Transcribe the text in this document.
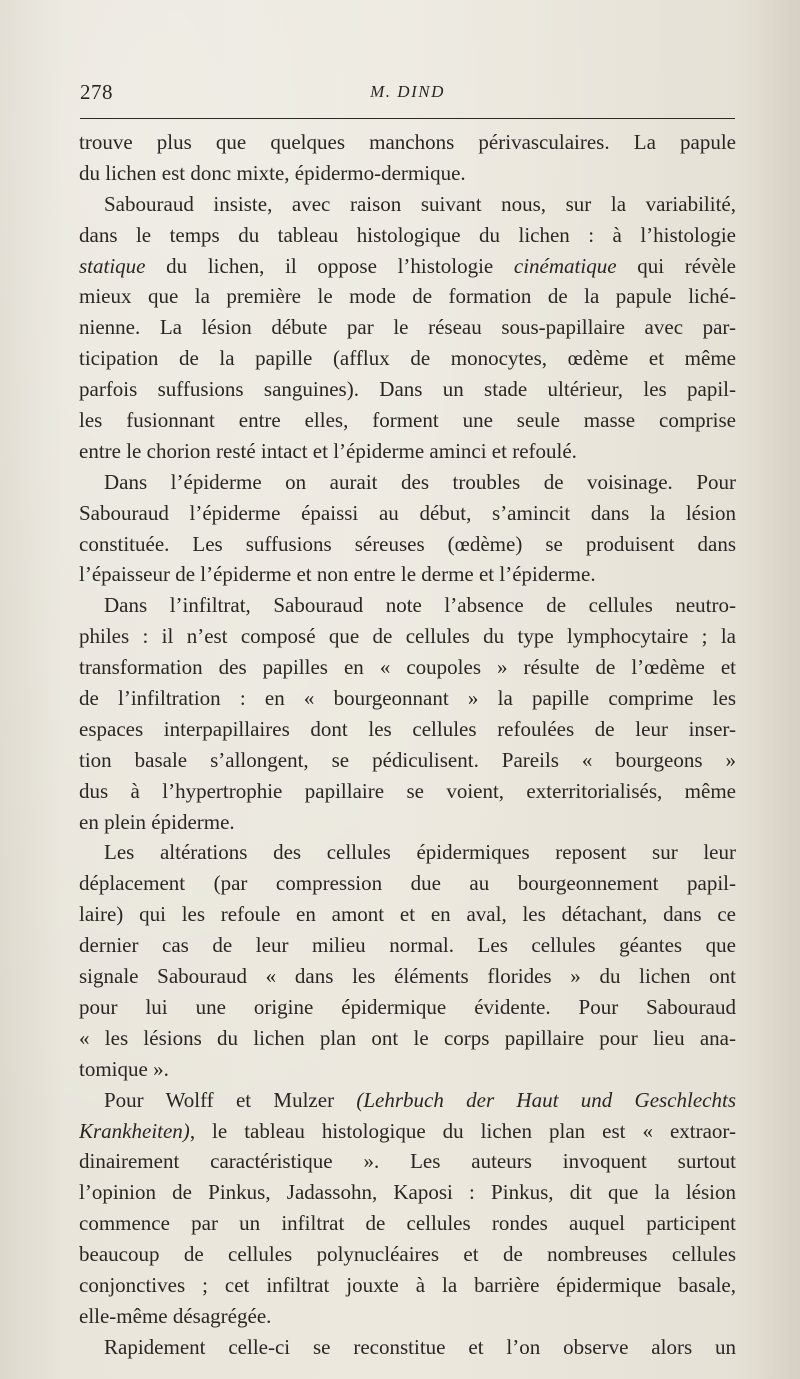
278	M. DIND
trouve plus que quelques manchons périvasculaires. La papule
du lichen est donc mixte, épidermo-dermique.
Sabouraud insiste, avec raison suivant nous, sur la variabilité,
dans le temps du tableau histologique du lichen : à l’histologie
statique du lichen, il oppose l’histologie cinématique qui révèle
mieux que la première le mode de formation de la papule liché-
nienne. La lésion débute par le réseau sous-papillaire avec par-
ticipation de la papille (afflux de monocytes, œdème et même
parfois suffusions sanguines). Dans un stade ultérieur, les papil-
les fusionnant entre elles, forment une seule masse comprise
entre le chorion resté intact et l’épiderme aminci et refoulé.
Dans l’épiderme on aurait des troubles de voisinage. Pour
Sabouraud l’épiderme épaissi au début, s’amincit dans la lésion
constituée. Les suffusions séreuses (œdème) se produisent dans
l’épaisseur de l’épiderme et non entre le derme et l’épiderme.
Dans l’infiltrat, Sabouraud note l’absence de cellules neutro-
philes : il n’est composé que de cellules du type lymphocytaire ; la
transformation des papilles en « coupoles » résulte de l’œdème et
de l’infiltration : en « bourgeonnant » la papille comprime les
espaces interpapillaires dont les cellules refoulées de leur inser-
tion basale s’allongent, se pédiculisent. Pareils « bourgeons »
dus à l’hypertrophie papillaire se voient, exterritorialisés, même
en plein épiderme.
Les altérations des cellules épidermiques reposent sur leur
déplacement (par compression due au bourgeonnement papil-
laire) qui les refoule en amont et en aval, les détachant, dans ce
dernier cas de leur milieu normal. Les cellules géantes que
signale Sabouraud « dans les éléments florides » du lichen ont
pour lui une origine épidermique évidente. Pour Sabouraud
« les lésions du lichen plan ont le corps papillaire pour lieu ana-
tomique ».
Pour Wolff et Mulzer (Lehrbuch der Haut und Geschlechts
Krankheiten), le tableau histologique du lichen plan est « extraor-
dinairement caractéristique ». Les auteurs invoquent surtout
l’opinion de Pinkus, Jadassohn, Kaposi : Pinkus, dit que la lésion
commence par un infiltrat de cellules rondes auquel participent
beaucoup de cellules polynucléaires et de nombreuses cellules
conjonctives ; cet infiltrat jouxte à la barrière épidermique basale,
elle-même désagrégée.
Rapidement celle-ci se reconstitue et l’on observe alors un
